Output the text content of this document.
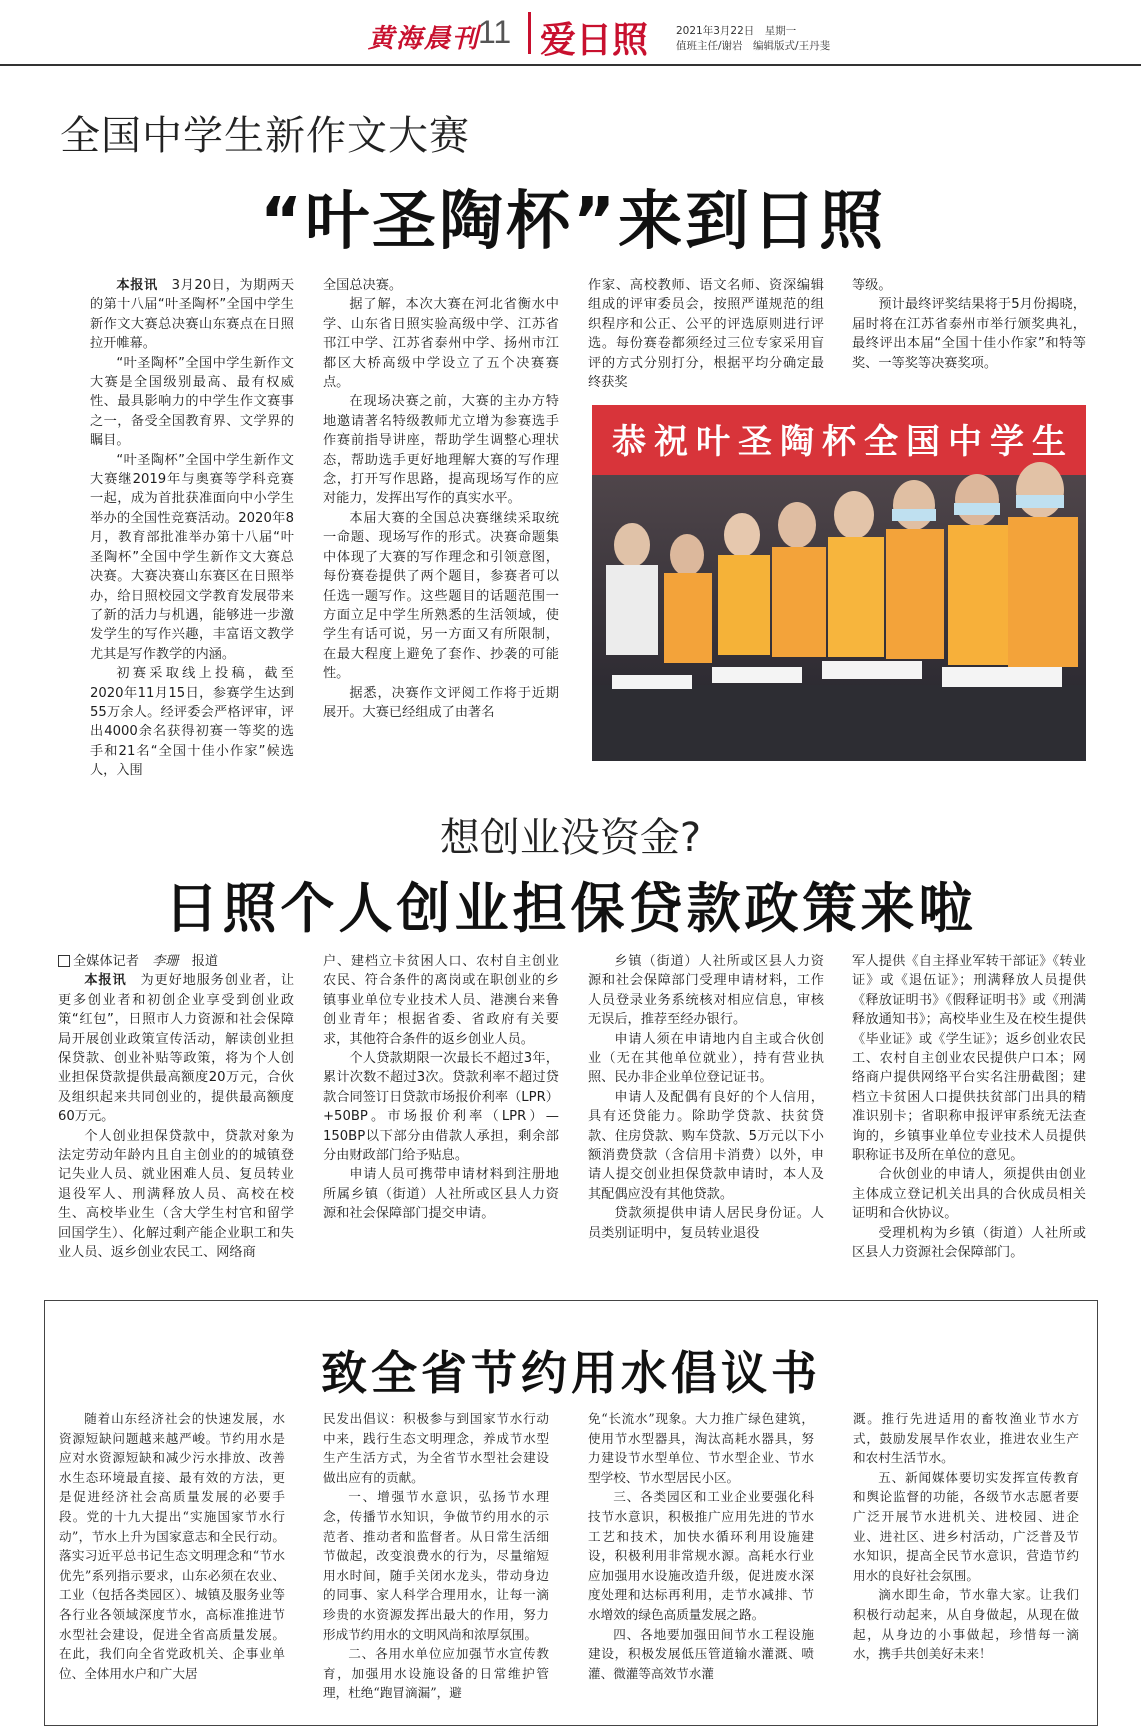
黄海晨刊
11 爱日照	2021年3月22日　星期一
值班主任/谢岩　编辑版式/王丹斐
全国中学生新作文大赛
“叶圣陶杯”来到日照

本报讯　 3月20日，为期两天的第十八届“叶圣陶杯”全国中学生新作文大赛总决赛山东赛点在日照拉开帷幕。

“叶圣陶杯”全国中学生新作文大赛是全国级别最高、最有权威性、最具影响力的中学生作文赛事之一，备受全国教育界、文学界的瞩目。

“叶圣陶杯”全国中学生新作文大赛继2019年与奥赛等学科竞赛一起，成为首批获准面向中小学生举办的全国性竞赛活动。2020年8月，教育部批准举办第十八届“叶圣陶杯”全国中学生新作文大赛总决赛。大赛决赛山东赛区在日照举办，给日照校园文学教育发展带来了新的活力与机遇，能够进一步激发学生的写作兴趣，丰富语文教学尤其是写作教学的内涵。

初赛采取线上投稿，截至2020年11月15日，参赛学生达到55万余人。经评委会严格评审，评出4000余名获得初赛一等奖的选手和21名“全国十佳小作家”候选人，入围

全国总决赛。

据了解，本次大赛在河北省衡水中学、山东省日照实验高级中学、江苏省邗江中学、江苏省泰州中学、扬州市江都区大桥高级中学设立了五个决赛赛点。

在现场决赛之前，大赛的主办方特地邀请著名特级教师尤立增为参赛选手作赛前指导讲座，帮助学生调整心理状态，帮助选手更好地理解大赛的写作理念，打开写作思路，提高现场写作的应对能力，发挥出写作的真实水平。

本届大赛的全国总决赛继续采取统一命题、现场写作的形式。决赛命题集中体现了大赛的写作理念和引领意图，每份赛卷提供了两个题目，参赛者可以任选一题写作。这些题目的话题范围一方面立足中学生所熟悉的生活领域，使学生有话可说，另一方面又有所限制，在最大程度上避免了套作、抄袭的可能性。

据悉，决赛作文评阅工作将于近期展开。大赛已经组成了由著名

作家、高校教师、语文名师、资深编辑组成的评审委员会，按照严谨规范的组织程序和公正、公平的评选原则进行评选。每份赛卷都须经过三位专家采用盲评的方式分别打分，根据平均分确定最终获奖

等级。

预计最终评奖结果将于5月份揭晓，届时将在江苏省泰州市举行颁奖典礼，最终评出本届“全国十佳小作家”和特等奖、一等奖等决赛奖项。

恭祝叶圣陶杯全国中学生
想创业没资金?
日照个人创业担保贷款政策来啦

全媒体记者　 李珊　 报道

本报讯　 为更好地服务创业者，让更多创业者和初创企业享受到创业政策“红包”，日照市人力资源和社会保障局开展创业政策宣传活动，解读创业担保贷款、创业补贴等政策，将为个人创业担保贷款提供最高额度20万元，合伙及组织起来共同创业的，提供最高额度60万元。

个人创业担保贷款中，贷款对象为法定劳动年龄内且自主创业的的城镇登记失业人员、就业困难人员、复员转业退役军人、刑满释放人员、高校在校生、高校毕业生（含大学生村官和留学回国学生）、化解过剩产能企业职工和失业人员、返乡创业农民工、网络商

户、建档立卡贫困人口、农村自主创业农民、符合条件的离岗或在职创业的乡镇事业单位专业技术人员、港澳台来鲁创业青年；根据省委、省政府有关要求，其他符合条件的返乡创业人员。

个人贷款期限一次最长不超过3年，累计次数不超过3次。贷款利率不超过贷款合同签订日贷款市场报价利率（LPR）+50BP。市场报价利率（LPR）—150BP以下部分由借款人承担，剩余部分由财政部门给予贴息。

申请人员可携带申请材料到注册地所属乡镇（街道）人社所或区县人力资源和社会保障部门提交申请。

乡镇（街道）人社所或区县人力资源和社会保障部门受理申请材料，工作人员登录业务系统核对相应信息，审核无误后，推荐至经办银行。

申请人须在申请地内自主或合伙创业（无在其他单位就业），持有营业执照、民办非企业单位登记证书。

申请人及配偶有良好的个人信用，具有还贷能力。除助学贷款、扶贫贷款、住房贷款、购车贷款、5万元以下小额消费贷款（含信用卡消费）以外，申请人提交创业担保贷款申请时，本人及其配偶应没有其他贷款。

贷款须提供申请人居民身份证。人员类别证明中，复员转业退役

军人提供《自主择业军转干部证》《转业证》或《退伍证》；刑满释放人员提供《释放证明书》《假释证明书》或《刑满释放通知书》；高校毕业生及在校生提供《毕业证》或《学生证》；返乡创业农民工、农村自主创业农民提供户口本；网络商户提供网络平台实名注册截图；建档立卡贫困人口提供扶贫部门出具的精准识别卡；省职称申报评审系统无法查询的，乡镇事业单位专业技术人员提供职称证书及所在单位的意见。

合伙创业的申请人，须提供由创业主体成立登记机关出具的合伙成员相关证明和合伙协议。

受理机构为乡镇（街道）人社所或区县人力资源社会保障部门。

致全省节约用水倡议书

随着山东经济社会的快速发展，水资源短缺问题越来越严峻。节约用水是应对水资源短缺和减少污水排放、改善水生态环境最直接、最有效的方法，更是促进经济社会高质量发展的必要手段。党的十九大提出“实施国家节水行动”，节水上升为国家意志和全民行动。落实习近平总书记生态文明理念和“节水优先”系列指示要求，山东必须在农业、工业（包括各类园区）、城镇及服务业等各行业各领域深度节水，高标准推进节水型社会建设，促进全省高质量发展。在此，我们向全省党政机关、企事业单位、全体用水户和广大居

民发出倡议：积极参与到国家节水行动中来，践行生态文明理念，养成节水型生产生活方式，为全省节水型社会建设做出应有的贡献。

一、增强节水意识，弘扬节水理念，传播节水知识，争做节约用水的示范者、推动者和监督者。从日常生活细节做起，改变浪费水的行为，尽量缩短用水时间，随手关闭水龙头，带动身边的同事、家人科学合理用水，让每一滴珍贵的水资源发挥出最大的作用，努力形成节约用水的文明风尚和浓厚氛围。

二、各用水单位应加强节水宣传教育，加强用水设施设备的日常维护管理，杜绝“跑冒滴漏”，避

免“长流水”现象。大力推广绿色建筑，使用节水型器具，淘汰高耗水器具，努力建设节水型单位、节水型企业、节水型学校、节水型居民小区。

三、各类园区和工业企业要强化科技节水意识，积极推广应用先进的节水工艺和技术，加快水循环利用设施建设，积极利用非常规水源。高耗水行业应加强用水设施改造升级，促进废水深度处理和达标再利用，走节水减排、节水增效的绿色高质量发展之路。

四、各地要加强田间节水工程设施建设，积极发展低压管道输水灌溉、喷灌、微灌等高效节水灌

溉。推行先进适用的畜牧渔业节水方式，鼓励发展旱作农业，推进农业生产和农村生活节水。

五、新闻媒体要切实发挥宣传教育和舆论监督的功能，各级节水志愿者要广泛开展节水进机关、进校园、进企业、进社区、进乡村活动，广泛普及节水知识，提高全民节水意识，营造节约用水的良好社会氛围。

滴水即生命，节水靠大家。让我们积极行动起来，从自身做起，从现在做起，从身边的小事做起，珍惜每一滴水，携手共创美好未来！
